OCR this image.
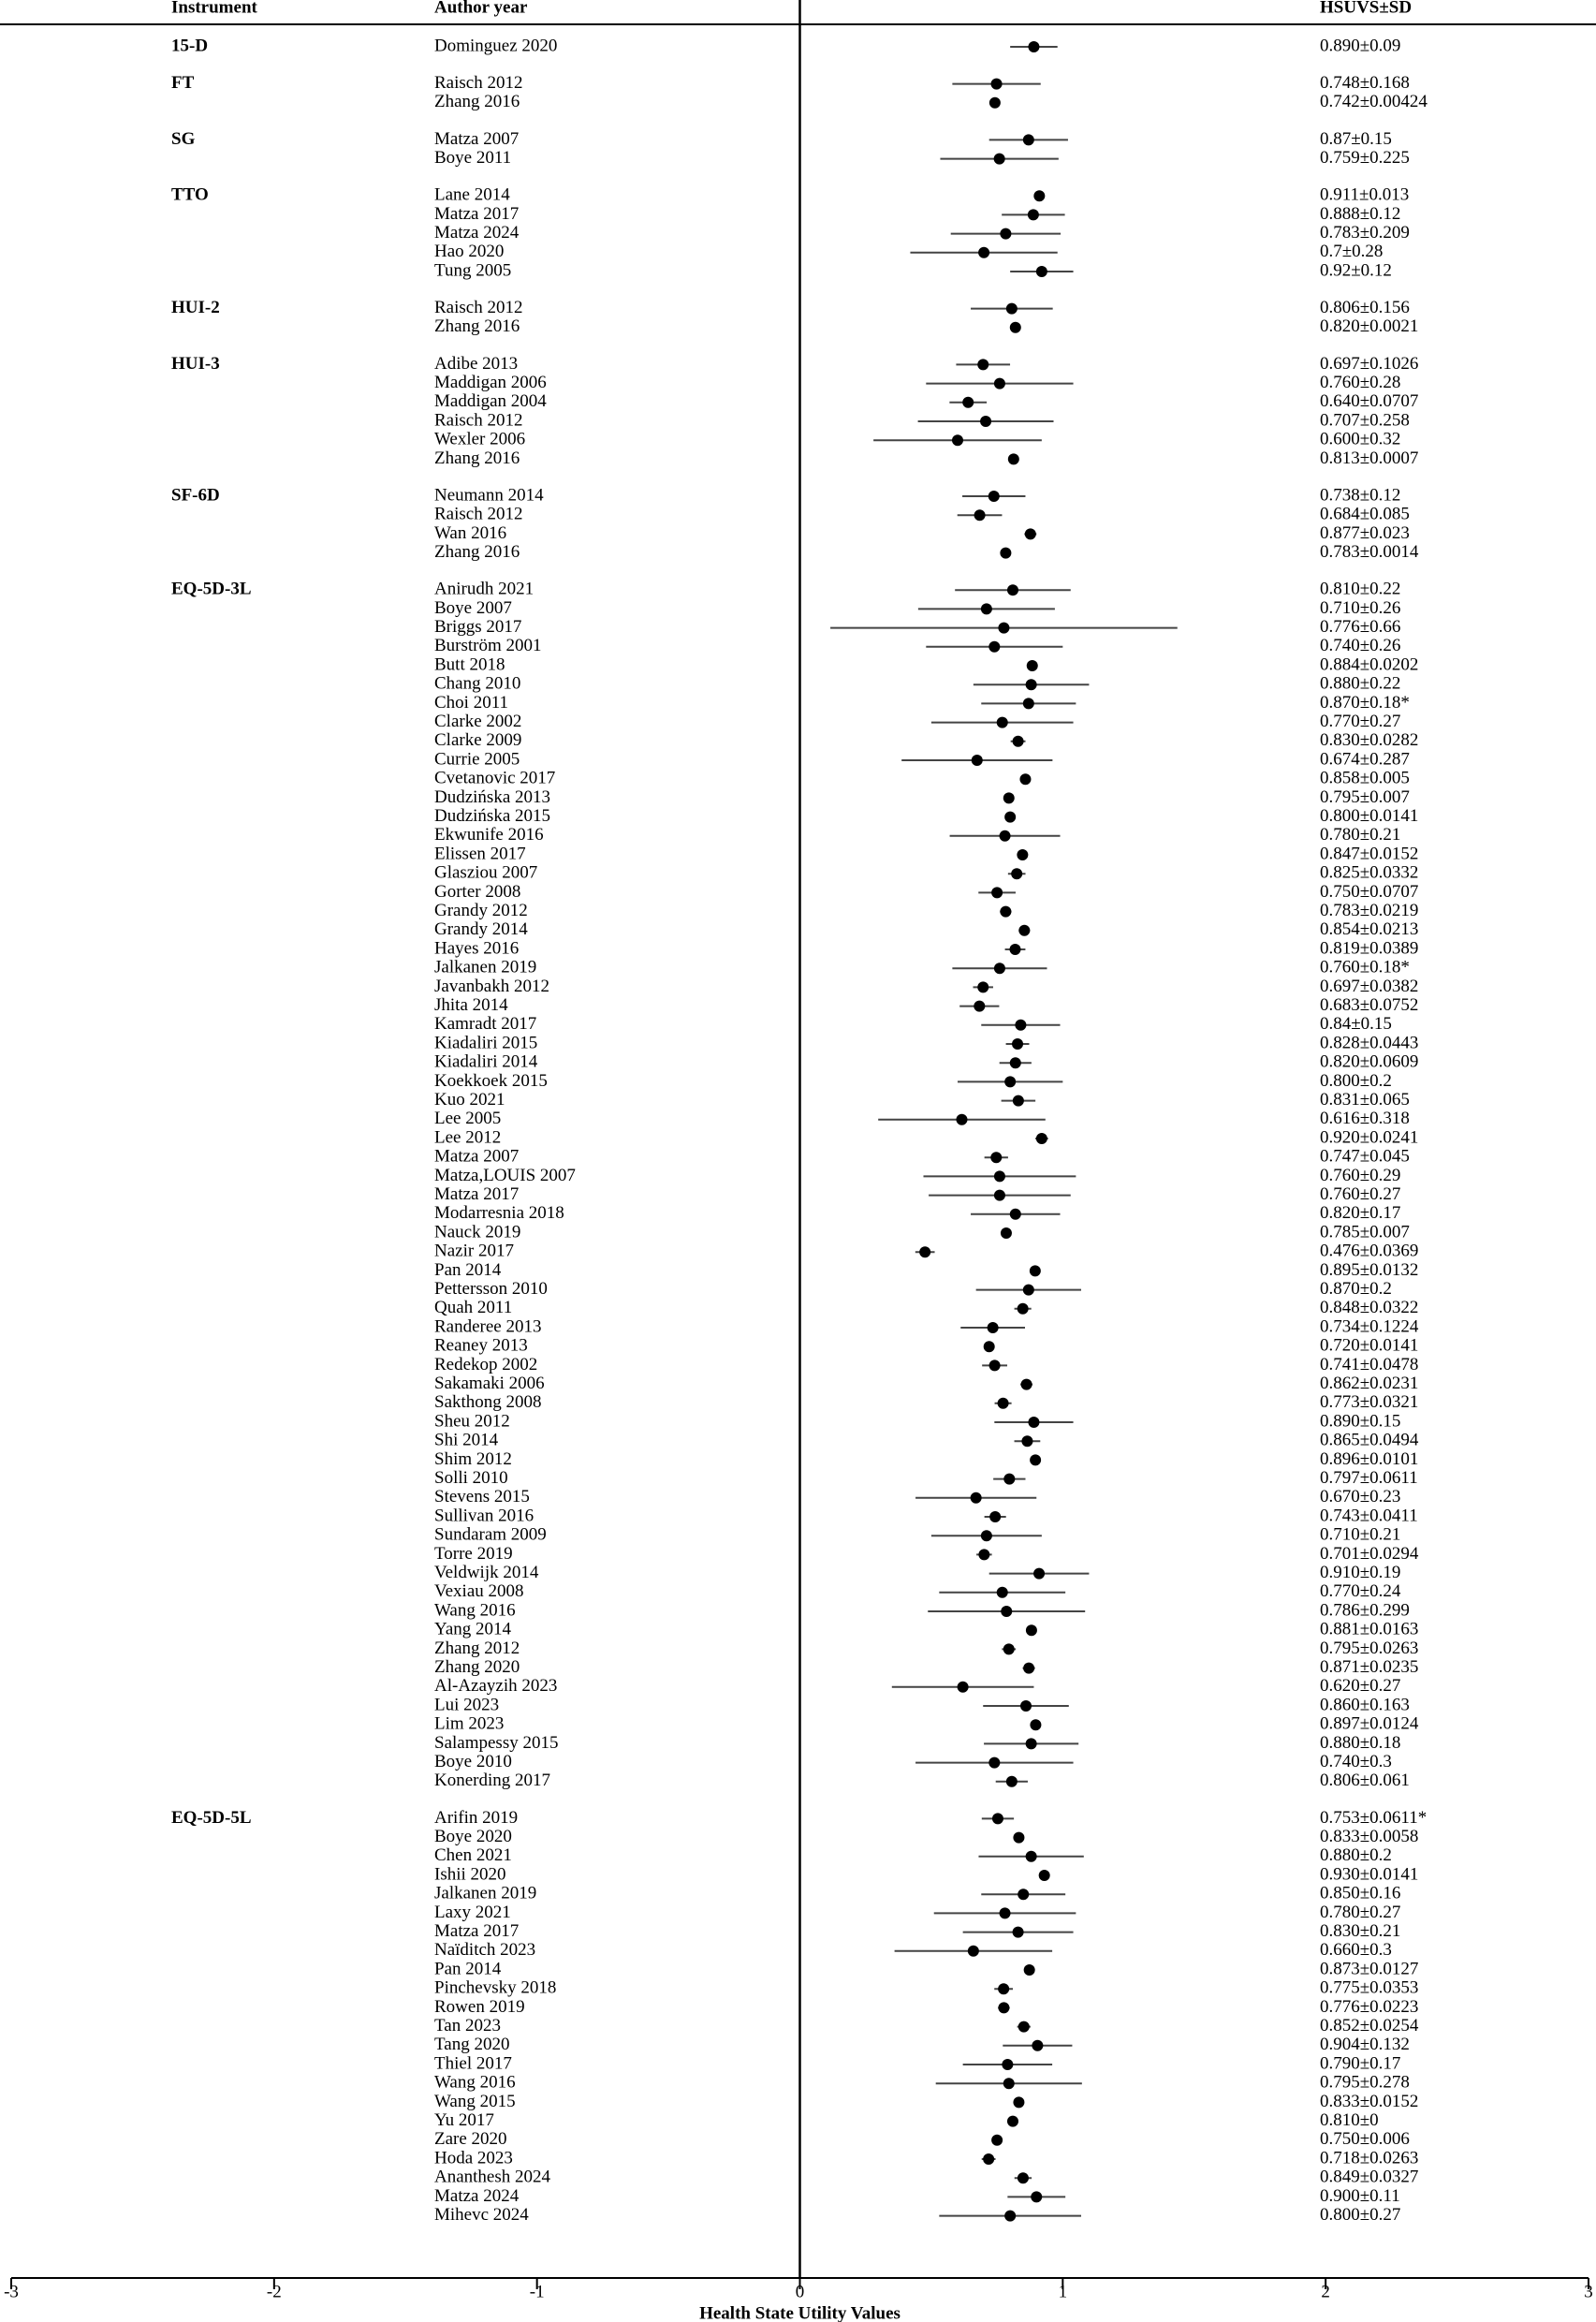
Instrument	Author year	HSUVS±SD
15-D	Dominguez 2020	0.890±0.09
FT	Raisch 2012	0.748±0.168
Zhang 2016	0.742±0.00424
SG	Matza 2007	0.87±0.15
Boye 2011	0.759±0.225
TTO	Lane 2014	0.911±0.013
Matza 2017	0.888±0.12
Matza 2024	0.783±0.209
Hao 2020	0.7±0.28
Tung 2005	0.92±0.12
HUI-2	Raisch 2012	0.806±0.156
Zhang 2016	0.820±0.0021
HUI-3	Adibe 2013	0.697±0.1026
Maddigan 2006	0.760±0.28
Maddigan 2004	0.640±0.0707
Raisch 2012	0.707±0.258
Wexler 2006	0.600±0.32
Zhang 2016	0.813±0.0007
SF-6D	Neumann 2014	0.738±0.12
Raisch 2012	0.684±0.085
Wan 2016	0.877±0.023
Zhang 2016	0.783±0.0014
EQ-5D-3L	Anirudh 2021	0.810±0.22
Boye 2007	0.710±0.26
Briggs 2017	0.776±0.66
Burström 2001	0.740±0.26
Butt 2018	0.884±0.0202
Chang 2010	0.880±0.22
Choi 2011	0.870±0.18*
Clarke 2002	0.770±0.27
Clarke 2009	0.830±0.0282
Currie 2005	0.674±0.287
Cvetanovic 2017	0.858±0.005
Dudzińska 2013	0.795±0.007
Dudzińska 2015	0.800±0.0141
Ekwunife 2016	0.780±0.21
Elissen 2017	0.847±0.0152
Glasziou 2007	0.825±0.0332
Gorter 2008	0.750±0.0707
Grandy 2012	0.783±0.0219
Grandy 2014	0.854±0.0213
Hayes 2016	0.819±0.0389
Jalkanen 2019	0.760±0.18*
Javanbakh 2012	0.697±0.0382
Jhita 2014	0.683±0.0752
Kamradt 2017	0.84±0.15
Kiadaliri 2015	0.828±0.0443
Kiadaliri 2014	0.820±0.0609
Koekkoek 2015	0.800±0.2
Kuo 2021	0.831±0.065
Lee 2005	0.616±0.318
Lee 2012	0.920±0.0241
Matza 2007	0.747±0.045
Matza,LOUIS 2007	0.760±0.29
Matza 2017	0.760±0.27
Modarresnia 2018	0.820±0.17
Nauck 2019	0.785±0.007
Nazir 2017	0.476±0.0369
Pan 2014	0.895±0.0132
Pettersson 2010	0.870±0.2
Quah 2011	0.848±0.0322
Randeree 2013	0.734±0.1224
Reaney 2013	0.720±0.0141
Redekop 2002	0.741±0.0478
Sakamaki 2006	0.862±0.0231
Sakthong 2008	0.773±0.0321
Sheu 2012	0.890±0.15
Shi 2014	0.865±0.0494
Shim 2012	0.896±0.0101
Solli 2010	0.797±0.0611
Stevens 2015	0.670±0.23
Sullivan 2016	0.743±0.0411
Sundaram 2009	0.710±0.21
Torre 2019	0.701±0.0294
Veldwijk 2014	0.910±0.19
Vexiau 2008	0.770±0.24
Wang 2016	0.786±0.299
Yang 2014	0.881±0.0163
Zhang 2012	0.795±0.0263
Zhang 2020	0.871±0.0235
Al-Azayzih 2023	0.620±0.27
Lui 2023	0.860±0.163
Lim 2023	0.897±0.0124
Salampessy 2015	0.880±0.18
Boye 2010	0.740±0.3
Konerding 2017	0.806±0.061
EQ-5D-5L	Arifin 2019	0.753±0.0611*
Boye 2020	0.833±0.0058
Chen 2021	0.880±0.2
Ishii 2020	0.930±0.0141
Jalkanen 2019	0.850±0.16
Laxy 2021	0.780±0.27
Matza 2017	0.830±0.21
Naïditch 2023	0.660±0.3
Pan 2014	0.873±0.0127
Pinchevsky 2018	0.775±0.0353
Rowen 2019	0.776±0.0223
Tan 2023	0.852±0.0254
Tang 2020	0.904±0.132
Thiel 2017	0.790±0.17
Wang 2016	0.795±0.278
Wang 2015	0.833±0.0152
Yu 2017	0.810±0
Zare 2020	0.750±0.006
Hoda 2023	0.718±0.0263
Ananthesh 2024	0.849±0.0327
Matza 2024	0.900±0.11
Mihevc 2024	0.800±0.27
-3	-2	-1	0	1	2	3
Health State Utility Values
